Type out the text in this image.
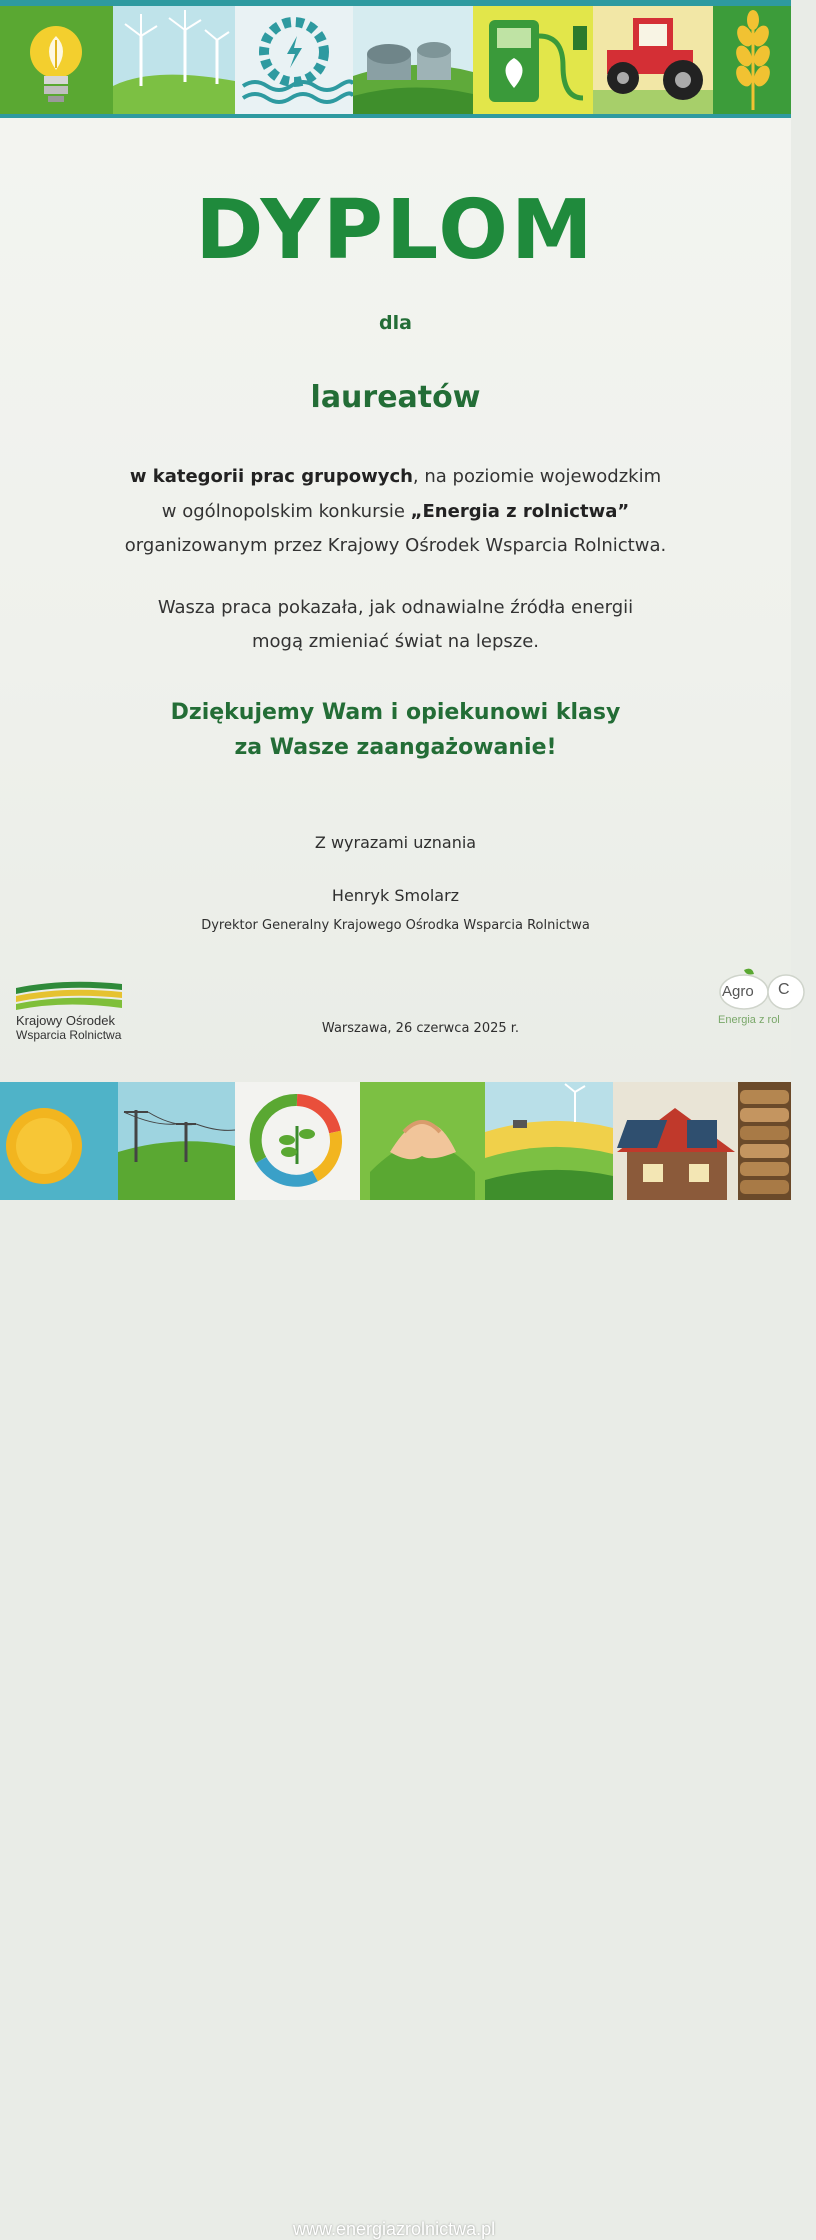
DYPLOM
dla
laureatów
w kategorii prac grupowych, na poziomie wojewodzkim
w ogólnopolskim konkursie „Energia z rolnictwa”
organizowanym przez Krajowy Ośrodek Wsparcia Rolnictwa.
Wasza praca pokazała, jak odnawialne źródła energii
mogą zmieniać świat na lepsze.
Dziękujemy Wam i opiekunowi klasy
za Wasze zaangażowanie!
Z wyrazami uznania
Henryk Smolarz
Dyrektor Generalny Krajowego Ośrodka Wsparcia Rolnictwa
Warszawa, 26 czerwca 2025 r.
Krajowy Ośrodek
Wsparcia Rolnictwa
Agro C
Energia z rol
www.energiazrolnictwa.pl
